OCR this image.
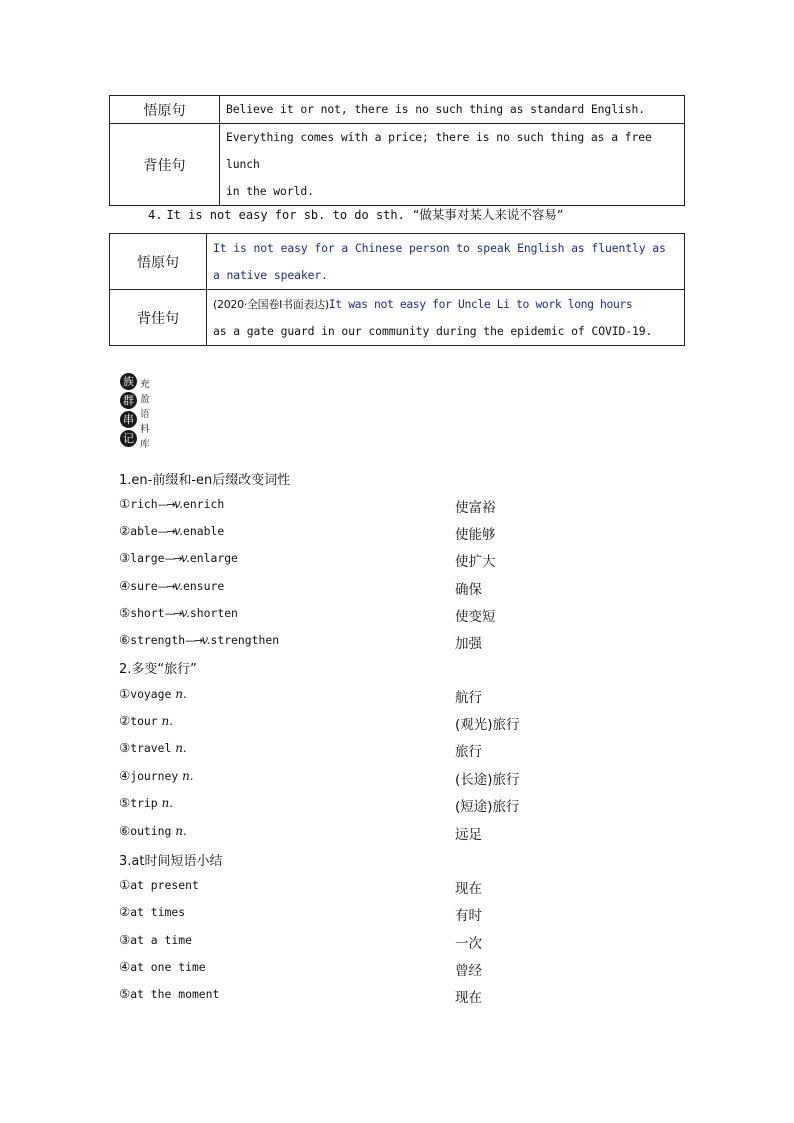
悟原句	Believe it or not, there is no such thing as standard English.
背佳句	Everything comes with a price; there is no such thing as a free lunch
in the world.
4. It is not easy for sb. to do sth. “做某事对某人来说不容易”
悟原句	It is not easy for a Chinese person to speak English as fluently as
a native speaker.

背佳句	(2020·全国卷Ⅰ书面表达)It was not easy for Uncle Li to work long hours
as a gate guard in our community during the epidemic of COVID-19.
族
群
串
记
充
盈
语
料
库
1.en-前缀和-en后缀改变词性
①rich—→v.enrich	使富裕
②able—→v.enable	使能够
③large—→v.enlarge	使扩大
④sure—→v.ensure	确保
⑤short—→v.shorten	使变短
⑥strength—→v.strengthen	加强
2.多变“旅行”
①voyage n.	航行
②tour n.	(观光)旅行
③travel n.	旅行
④journey n.	(长途)旅行
⑤trip n.	(短途)旅行
⑥outing n.	远足
3.at时间短语小结
①at present	现在
②at times	有时
③at a time	一次
④at one time	曾经
⑤at the moment	现在
